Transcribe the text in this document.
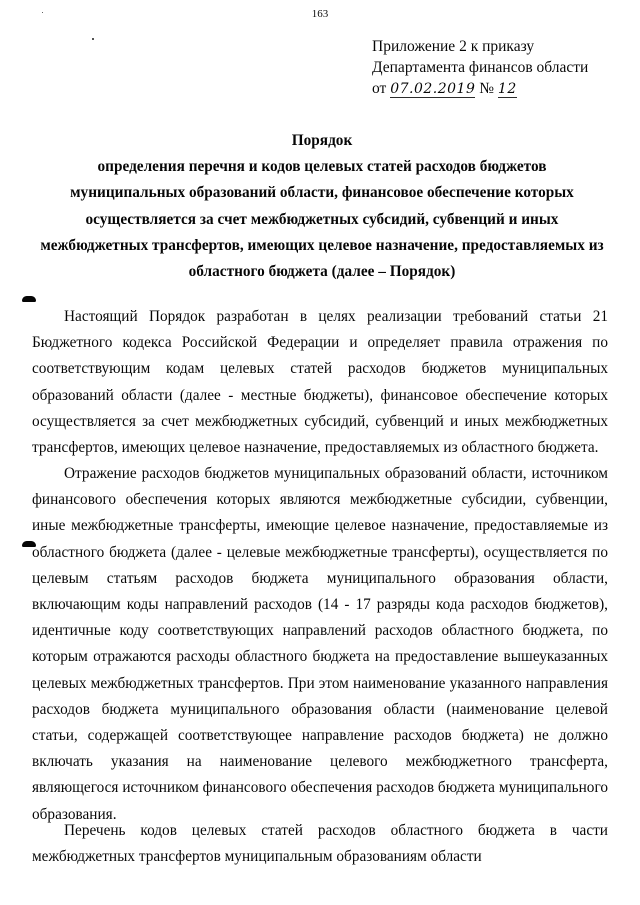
163
Приложение 2 к приказу
Департамента финансов области
от 07.02.2019 № 12
Порядок
определения перечня и кодов целевых статей расходов бюджетов
муниципальных образований области, финансовое обеспечение которых
осуществляется за счет межбюджетных субсидий, субвенций и иных
межбюджетных трансфертов, имеющих целевое назначение, предоставляемых из
областного бюджета (далее – Порядок)

Настоящий Порядок разработан в целях реализации требований статьи 21 Бюджетного кодекса Российской Федерации и определяет правила отражения по соответствующим кодам целевых статей расходов бюджетов муниципальных образований области (далее - местные бюджеты), финансовое обеспечение которых осуществляется за счет межбюджетных субсидий, субвенций и иных межбюджетных трансфертов, имеющих целевое назначение, предоставляемых из областного бюджета.

Отражение расходов бюджетов муниципальных образований области, источником финансового обеспечения которых являются межбюджетные субсидии, субвенции, иные межбюджетные трансферты, имеющие целевое назначение, предоставляемые из областного бюджета (далее - целевые межбюджетные трансферты), осуществляется по целевым статьям расходов бюджета муниципального образования области, включающим коды направлений расходов (14 - 17 разряды кода расходов бюджетов), идентичные коду соответствующих направлений расходов областного бюджета, по которым отражаются расходы областного бюджета на предоставление вышеуказанных целевых межбюджетных трансфертов. При этом наименование указанного направления расходов бюджета муниципального образования области (наименование целевой статьи, содержащей соответствующее направление расходов бюджета) не должно включать указания на наименование целевого межбюджетного трансферта, являющегося источником финансового обеспечения расходов бюджета муниципального образования.

Перечень кодов целевых статей расходов областного бюджета в части межбюджетных трансфертов муниципальным образованиям области
